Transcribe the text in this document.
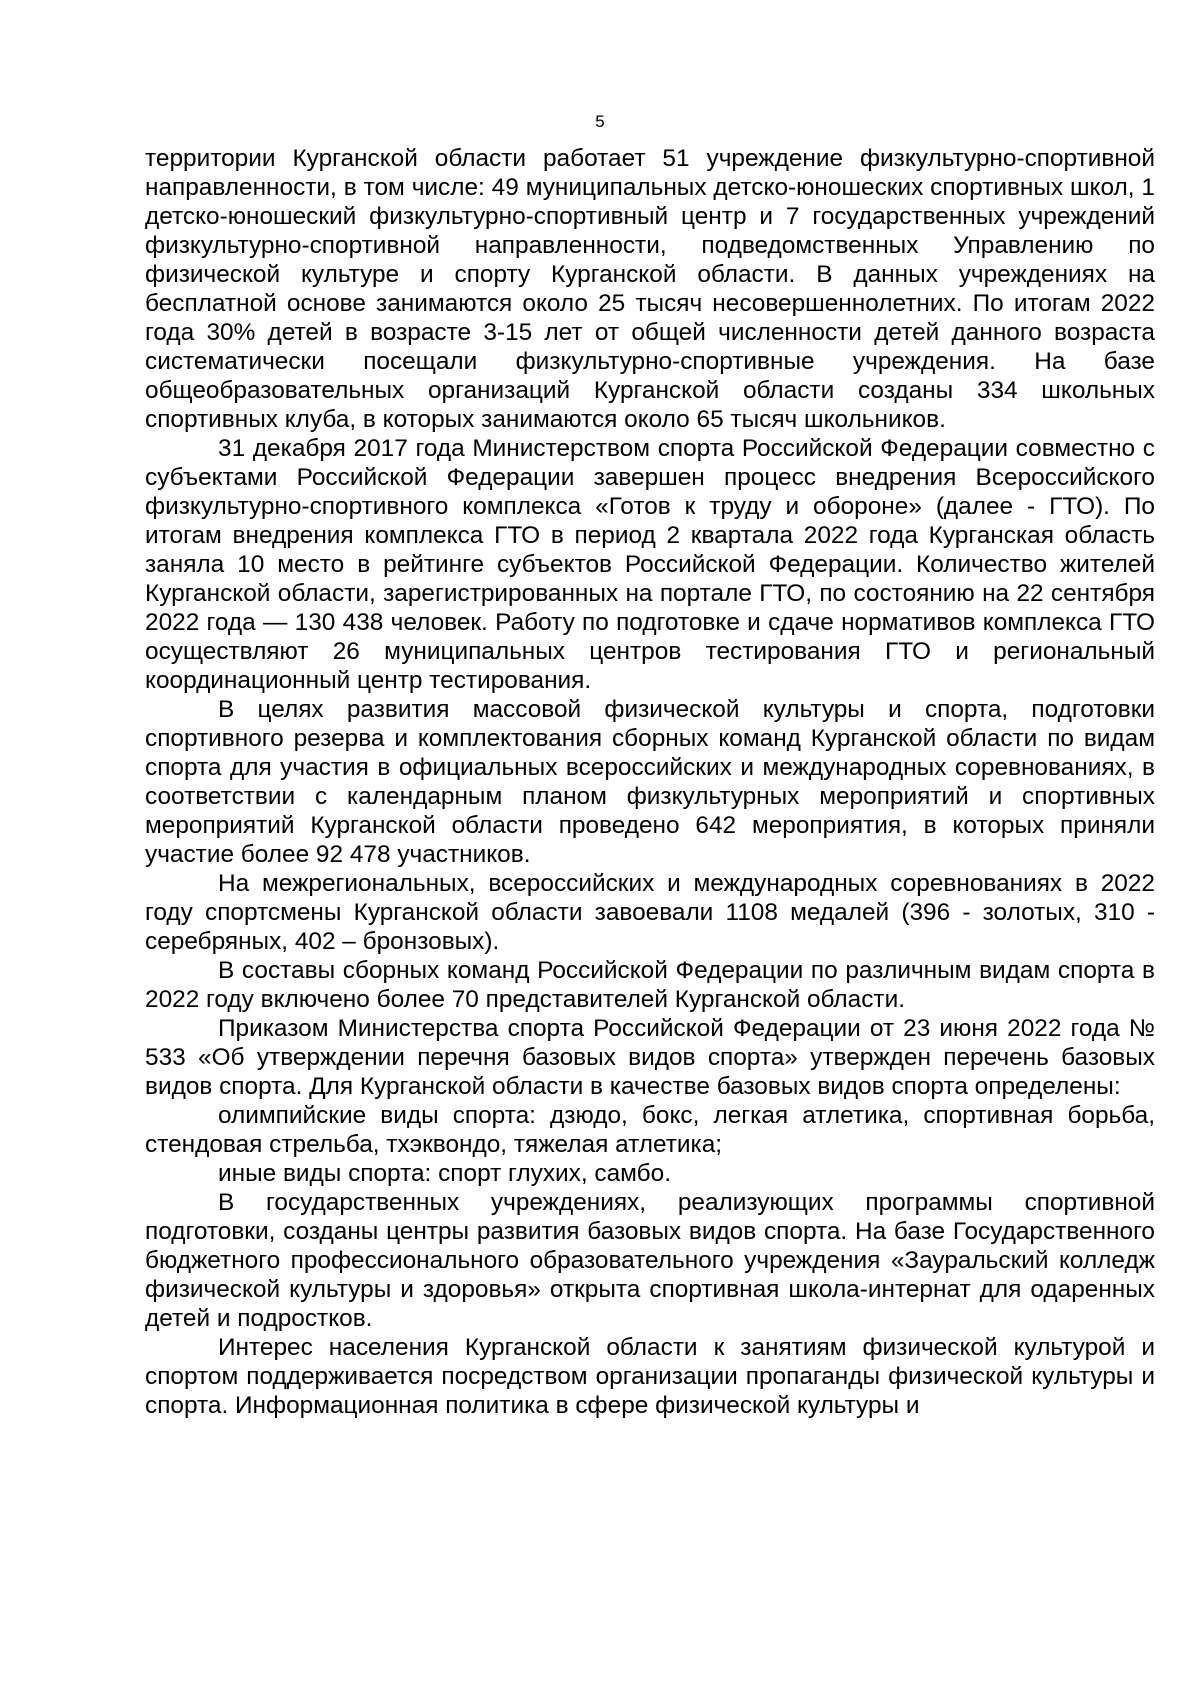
5

территории Курганской области работает 51 учреждение физкультурно-спортивной направленности, в том числе: 49 муниципальных детско-юношеских спортивных школ, 1 детско-юношеский физкультурно-спортивный центр и 7 государственных учреждений физкультурно-спортивной направленности, подведомственных Управлению по физической культуре и спорту Курганской области. В данных учреждениях на бесплатной основе занимаются около 25 тысяч несовершеннолетних. По итогам 2022 года 30% детей в возрасте 3-15 лет от общей численности детей данного возраста систематически посещали физкультурно-спортивные учреждения. На базе общеобразовательных организаций Курганской области созданы 334 школьных спортивных клуба, в которых занимаются около 65 тысяч школьников.

31 декабря 2017 года Министерством спорта Российской Федерации совместно с субъектами Российской Федерации завершен процесс внедрения Всероссийского физкультурно-спортивного комплекса «Готов к труду и обороне» (далее - ГТО). По итогам внедрения комплекса ГТО в период 2 квартала 2022 года Курганская область заняла 10 место в рейтинге субъектов Российской Федерации. Количество жителей Курганской области, зарегистрированных на портале ГТО, по состоянию на 22 сентября 2022 года — 130 438 человек. Работу по подготовке и сдаче нормативов комплекса ГТО осуществляют 26 муниципальных центров тестирования ГТО и региональный координационный центр тестирования.

В целях развития массовой физической культуры и спорта, подготовки спортивного резерва и комплектования сборных команд Курганской области по видам спорта для участия в официальных всероссийских и международных соревнованиях, в соответствии с календарным планом физкультурных мероприятий и спортивных мероприятий Курганской области проведено 642 мероприятия, в которых приняли участие более 92 478 участников.

На межрегиональных, всероссийских и международных соревнованиях в 2022 году спортсмены Курганской области завоевали 1108 медалей (396 - золотых, 310 - серебряных, 402 – бронзовых).

В составы сборных команд Российской Федерации по различным видам спорта в 2022 году включено более 70 представителей Курганской области.

Приказом Министерства спорта Российской Федерации от 23 июня 2022 года № 533 «Об утверждении перечня базовых видов спорта» утвержден перечень базовых видов спорта. Для Курганской области в качестве базовых видов спорта определены:

олимпийские виды спорта: дзюдо, бокс, легкая атлетика, спортивная борьба, стендовая стрельба, тхэквондо, тяжелая атлетика;

иные виды спорта: спорт глухих, самбо.

В государственных учреждениях, реализующих программы спортивной подготовки, созданы центры развития базовых видов спорта. На базе Государственного бюджетного профессионального образовательного учреждения «Зауральский колледж физической культуры и здоровья» открыта спортивная школа-интернат для одаренных детей и подростков.

Интерес населения Курганской области к занятиям физической культурой и спортом поддерживается посредством организации пропаганды физической культуры и спорта. Информационная политика в сфере физической культуры и
